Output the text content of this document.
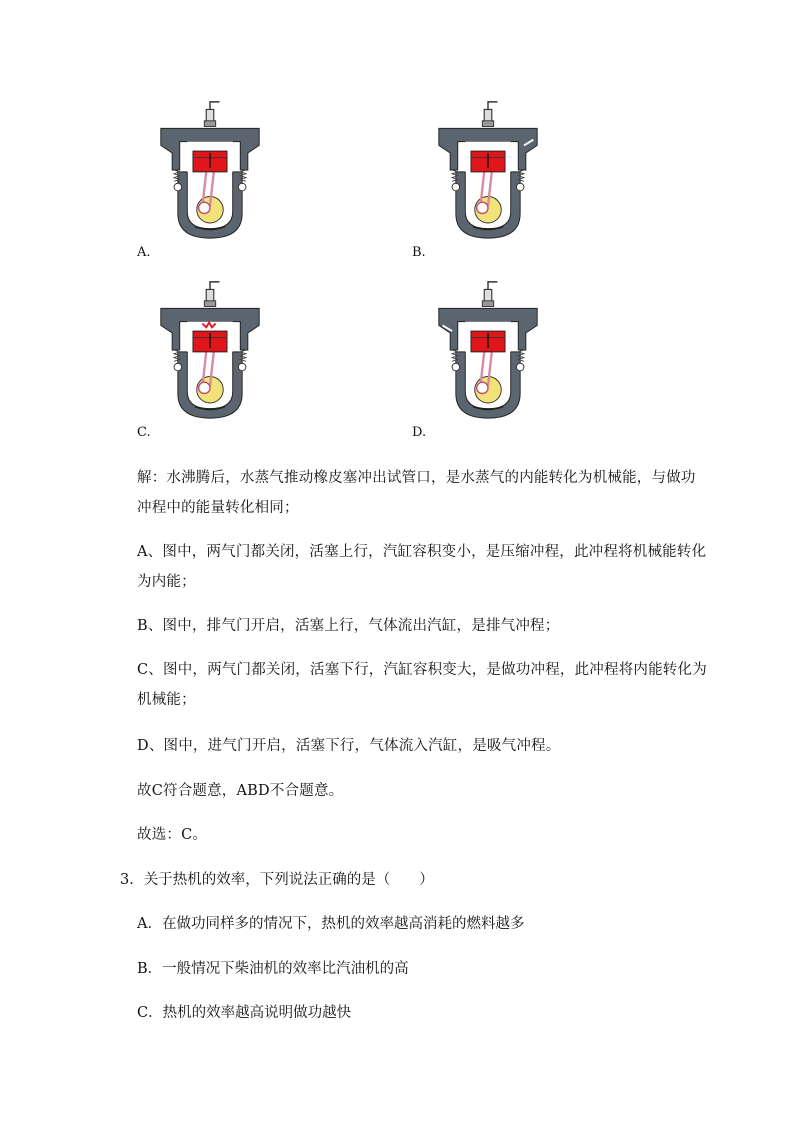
A.	B.
C.	D.
解：水沸腾后，水蒸气推动橡皮塞冲出试管口，是水蒸气的内能转化为机械能，与做功
冲程中的能量转化相同；
A、图中，两气门都关闭，活塞上行，汽缸容积变小，是压缩冲程，此冲程将机械能转化
为内能；
B、图中，排气门开启，活塞上行，气体流出汽缸，是排气冲程；
C、图中，两气门都关闭，活塞下行，汽缸容积变大，是做功冲程，此冲程将内能转化为
机械能；
D、图中，进气门开启，活塞下行，气体流入汽缸，是吸气冲程。
故C符合题意，ABD不合题意。
故选：C。
3．关于热机的效率，下列说法正确的是（　　）
A．在做功同样多的情况下，热机的效率越高消耗的燃料越多
B．一般情况下柴油机的效率比汽油机的高
C．热机的效率越高说明做功越快
